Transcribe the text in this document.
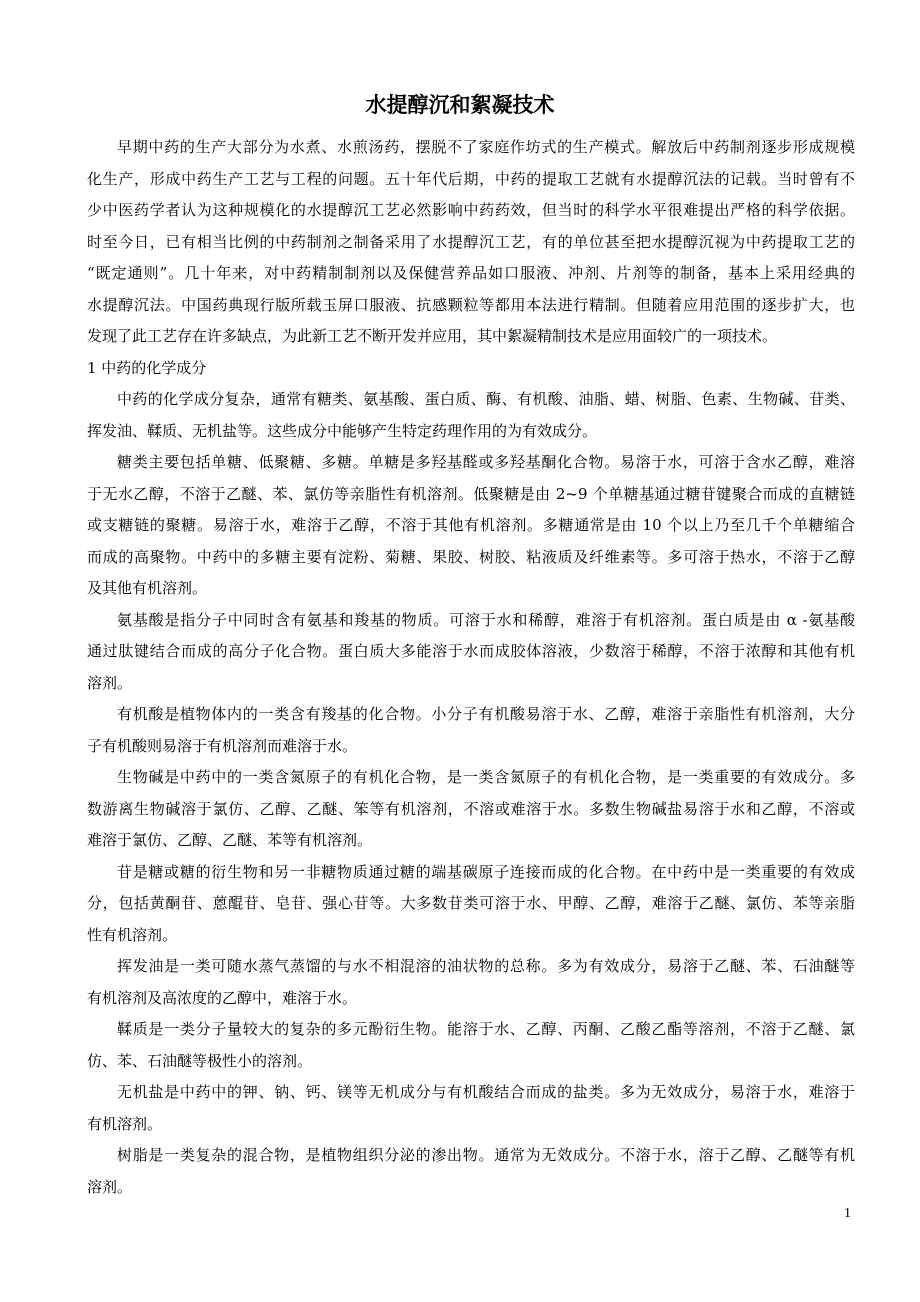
水提醇沉和絮凝技术
早期中药的生产大部分为水煮、水煎汤药，摆脱不了家庭作坊式的生产模式。解放后中药制剂逐步形成规模
化生产，形成中药生产工艺与工程的问题。五十年代后期，中药的提取工艺就有水提醇沉法的记载。当时曾有不
少中医药学者认为这种规模化的水提醇沉工艺必然影响中药药效，但当时的科学水平很难提出严格的科学依据。
时至今日，已有相当比例的中药制剂之制备采用了水提醇沉工艺，有的单位甚至把水提醇沉视为中药提取工艺的
“既定通则”。几十年来，对中药精制制剂以及保健营养品如口服液、冲剂、片剂等的制备，基本上采用经典的
水提醇沉法。中国药典现行版所载玉屏口服液、抗感颗粒等都用本法进行精制。但随着应用范围的逐步扩大，也
发现了此工艺存在许多缺点，为此新工艺不断开发并应用，其中絮凝精制技术是应用面较广的一项技术。
1 中药的化学成分
中药的化学成分复杂，通常有糖类、氨基酸、蛋白质、酶、有机酸、油脂、蜡、树脂、色素、生物碱、苷类、
挥发油、鞣质、无机盐等。这些成分中能够产生特定药理作用的为有效成分。
糖类主要包括单糖、低聚糖、多糖。单糖是多羟基醛或多羟基酮化合物。易溶于水，可溶于含水乙醇，难溶
于无水乙醇，不溶于乙醚、苯、氯仿等亲脂性有机溶剂。低聚糖是由 2~9 个单糖基通过糖苷键聚合而成的直糖链
或支糖链的聚糖。易溶于水，难溶于乙醇，不溶于其他有机溶剂。多糖通常是由 10 个以上乃至几千个单糖缩合
而成的高聚物。中药中的多糖主要有淀粉、菊糖、果胶、树胶、粘液质及纤维素等。多可溶于热水，不溶于乙醇
及其他有机溶剂。
氨基酸是指分子中同时含有氨基和羧基的物质。可溶于水和稀醇，难溶于有机溶剂。蛋白质是由 α -氨基酸
通过肽键结合而成的高分子化合物。蛋白质大多能溶于水而成胶体溶液，少数溶于稀醇，不溶于浓醇和其他有机
溶剂。
有机酸是植物体内的一类含有羧基的化合物。小分子有机酸易溶于水、乙醇，难溶于亲脂性有机溶剂，大分
子有机酸则易溶于有机溶剂而难溶于水。
生物碱是中药中的一类含氮原子的有机化合物，是一类含氮原子的有机化合物，是一类重要的有效成分。多
数游离生物碱溶于氯仿、乙醇、乙醚、笨等有机溶剂，不溶或难溶于水。多数生物碱盐易溶于水和乙醇，不溶或
难溶于氯仿、乙醇、乙醚、苯等有机溶剂。
苷是糖或糖的衍生物和另一非糖物质通过糖的端基碳原子连接而成的化合物。在中药中是一类重要的有效成
分，包括黄酮苷、蒽醌苷、皂苷、强心苷等。大多数苷类可溶于水、甲醇、乙醇，难溶于乙醚、氯仿、苯等亲脂
性有机溶剂。
挥发油是一类可随水蒸气蒸馏的与水不相混溶的油状物的总称。多为有效成分，易溶于乙醚、苯、石油醚等
有机溶剂及高浓度的乙醇中，难溶于水。
鞣质是一类分子量较大的复杂的多元酚衍生物。能溶于水、乙醇、丙酮、乙酸乙酯等溶剂，不溶于乙醚、氯
仿、苯、石油醚等极性小的溶剂。
无机盐是中药中的钾、钠、钙、镁等无机成分与有机酸结合而成的盐类。多为无效成分，易溶于水，难溶于
有机溶剂。
树脂是一类复杂的混合物，是植物组织分泌的渗出物。通常为无效成分。不溶于水，溶于乙醇、乙醚等有机
溶剂。
1
